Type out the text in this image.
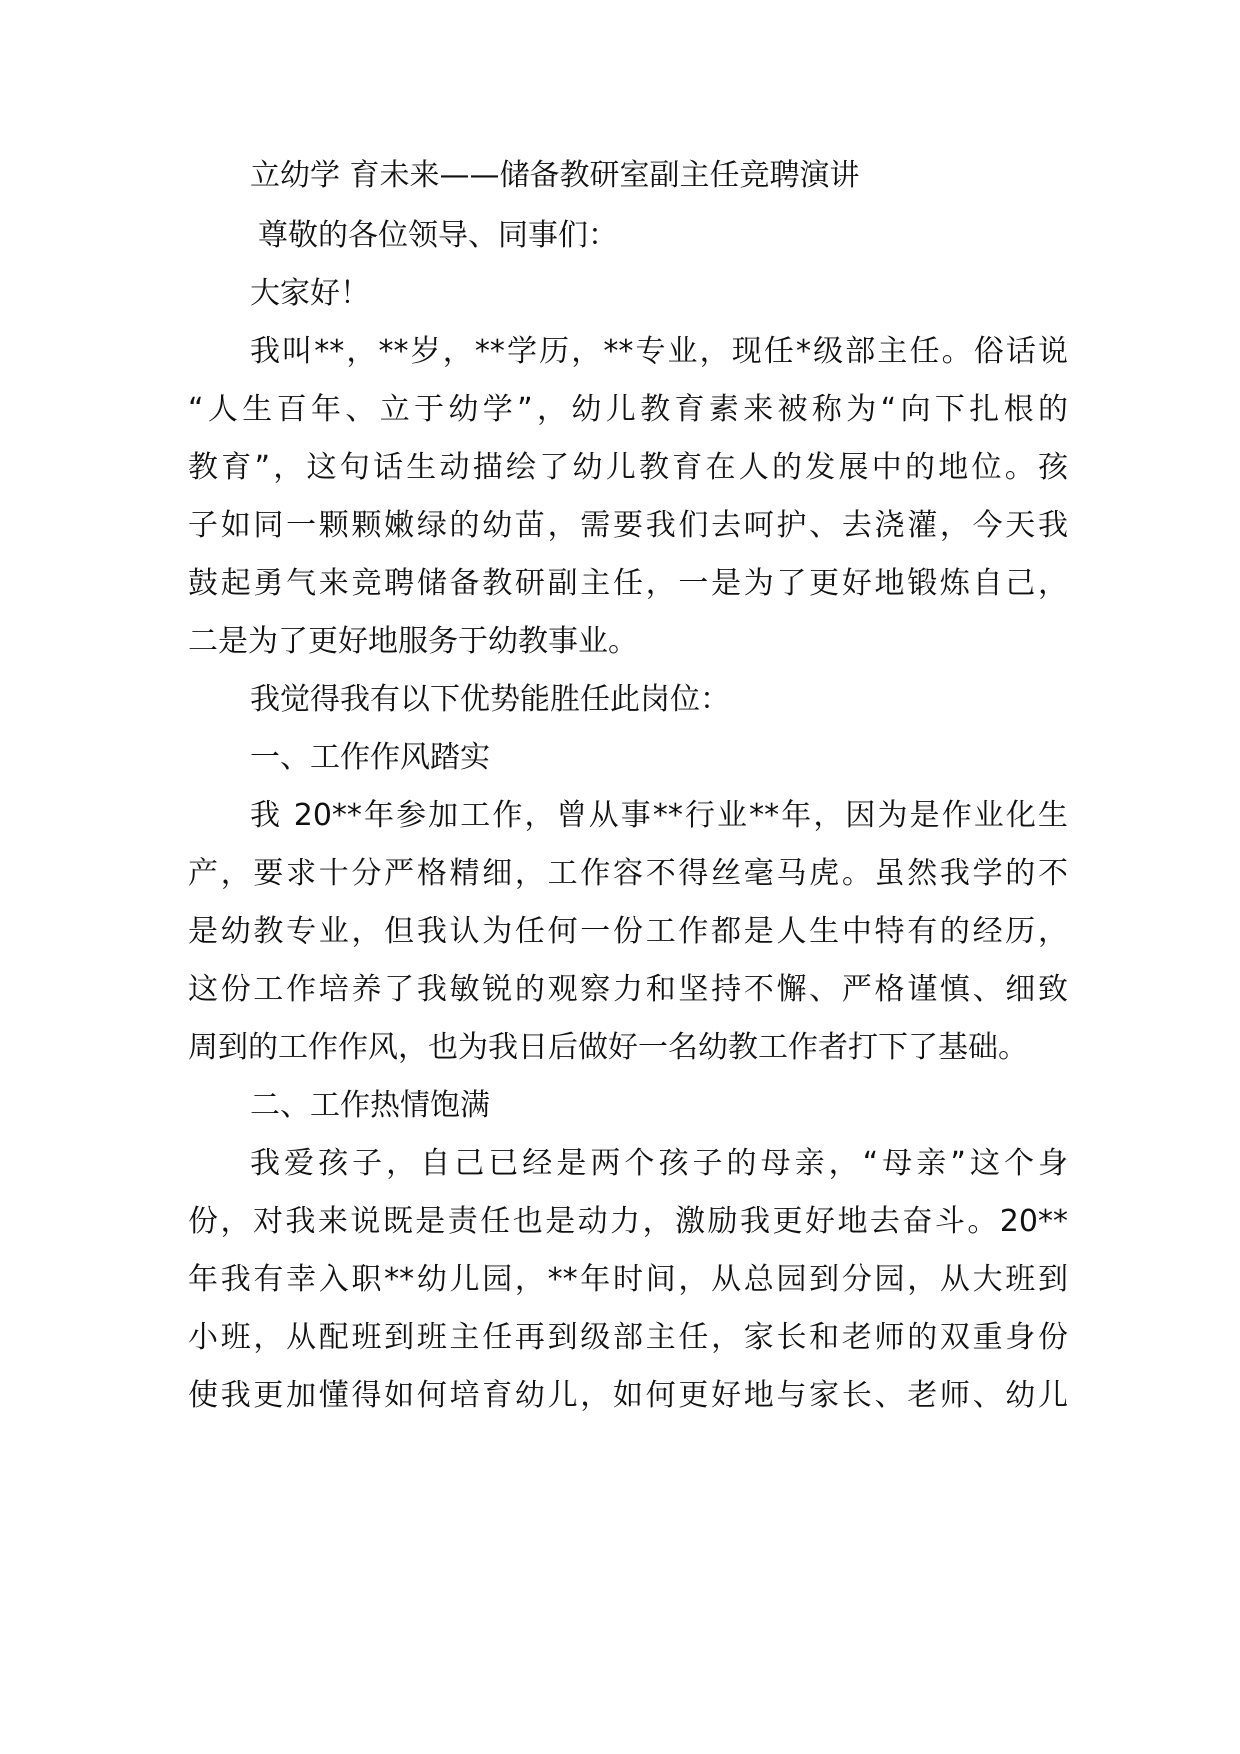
立幼学 育未来——储备教研室副主任竞聘演讲
尊敬的各位领导、同事们：
大家好！
我叫**，**岁，**学历，**专业，现任*级部主任。俗话说
“人生百年、立于幼学”，幼儿教育素来被称为“向下扎根的
教育”，这句话生动描绘了幼儿教育在人的发展中的地位。孩
子如同一颗颗嫩绿的幼苗，需要我们去呵护、去浇灌，今天我
鼓起勇气来竞聘储备教研副主任，一是为了更好地锻炼自己，
二是为了更好地服务于幼教事业。
我觉得我有以下优势能胜任此岗位：
一、工作作风踏实
我 20**年参加工作，曾从事**行业**年，因为是作业化生
产，要求十分严格精细，工作容不得丝毫马虎。虽然我学的不
是幼教专业，但我认为任何一份工作都是人生中特有的经历，
这份工作培养了我敏锐的观察力和坚持不懈、严格谨慎、细致
周到的工作作风，也为我日后做好一名幼教工作者打下了基础。
二、工作热情饱满
我爱孩子，自己已经是两个孩子的母亲，“母亲”这个身
份，对我来说既是责任也是动力，激励我更好地去奋斗。20**
年我有幸入职**幼儿园，**年时间，从总园到分园，从大班到
小班，从配班到班主任再到级部主任，家长和老师的双重身份
使我更加懂得如何培育幼儿，如何更好地与家长、老师、幼儿
